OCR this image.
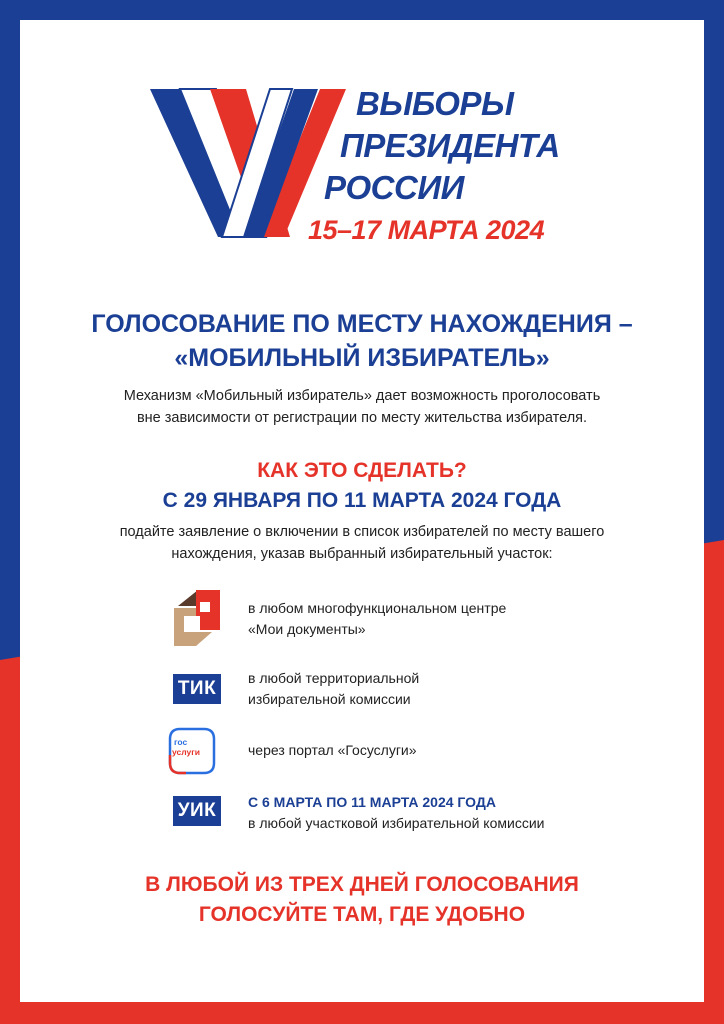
ВЫБОРЫ
ПРЕЗИДЕНТА
РОССИИ
15–17 МАРТА 2024
ГОЛОСОВАНИЕ ПО МЕСТУ НАХОЖДЕНИЯ –
«МОБИЛЬНЫЙ ИЗБИРАТЕЛЬ»
Механизм «Мобильный избиратель» дает возможность проголосовать
вне зависимости от регистрации по месту жительства избирателя.
КАК ЭТО СДЕЛАТЬ?
С 29 ЯНВАРЯ ПО 11 МАРТА 2024 ГОДА
подайте заявление о включении в список избирателей по месту вашего
нахождения, указав выбранный избирательный участок:
в любом многофункциональном центре
«Мои документы»
ТИК	в любой территориальной
избирательной комиссии
гос
услуги	через портал «Госуслуги»
УИК	С 6 МАРТА ПО 11 МАРТА 2024 ГОДА
в любой участковой избирательной комиссии
В ЛЮБОЙ ИЗ ТРЕХ ДНЕЙ ГОЛОСОВАНИЯ
ГОЛОСУЙТЕ ТАМ, ГДЕ УДОБНО
